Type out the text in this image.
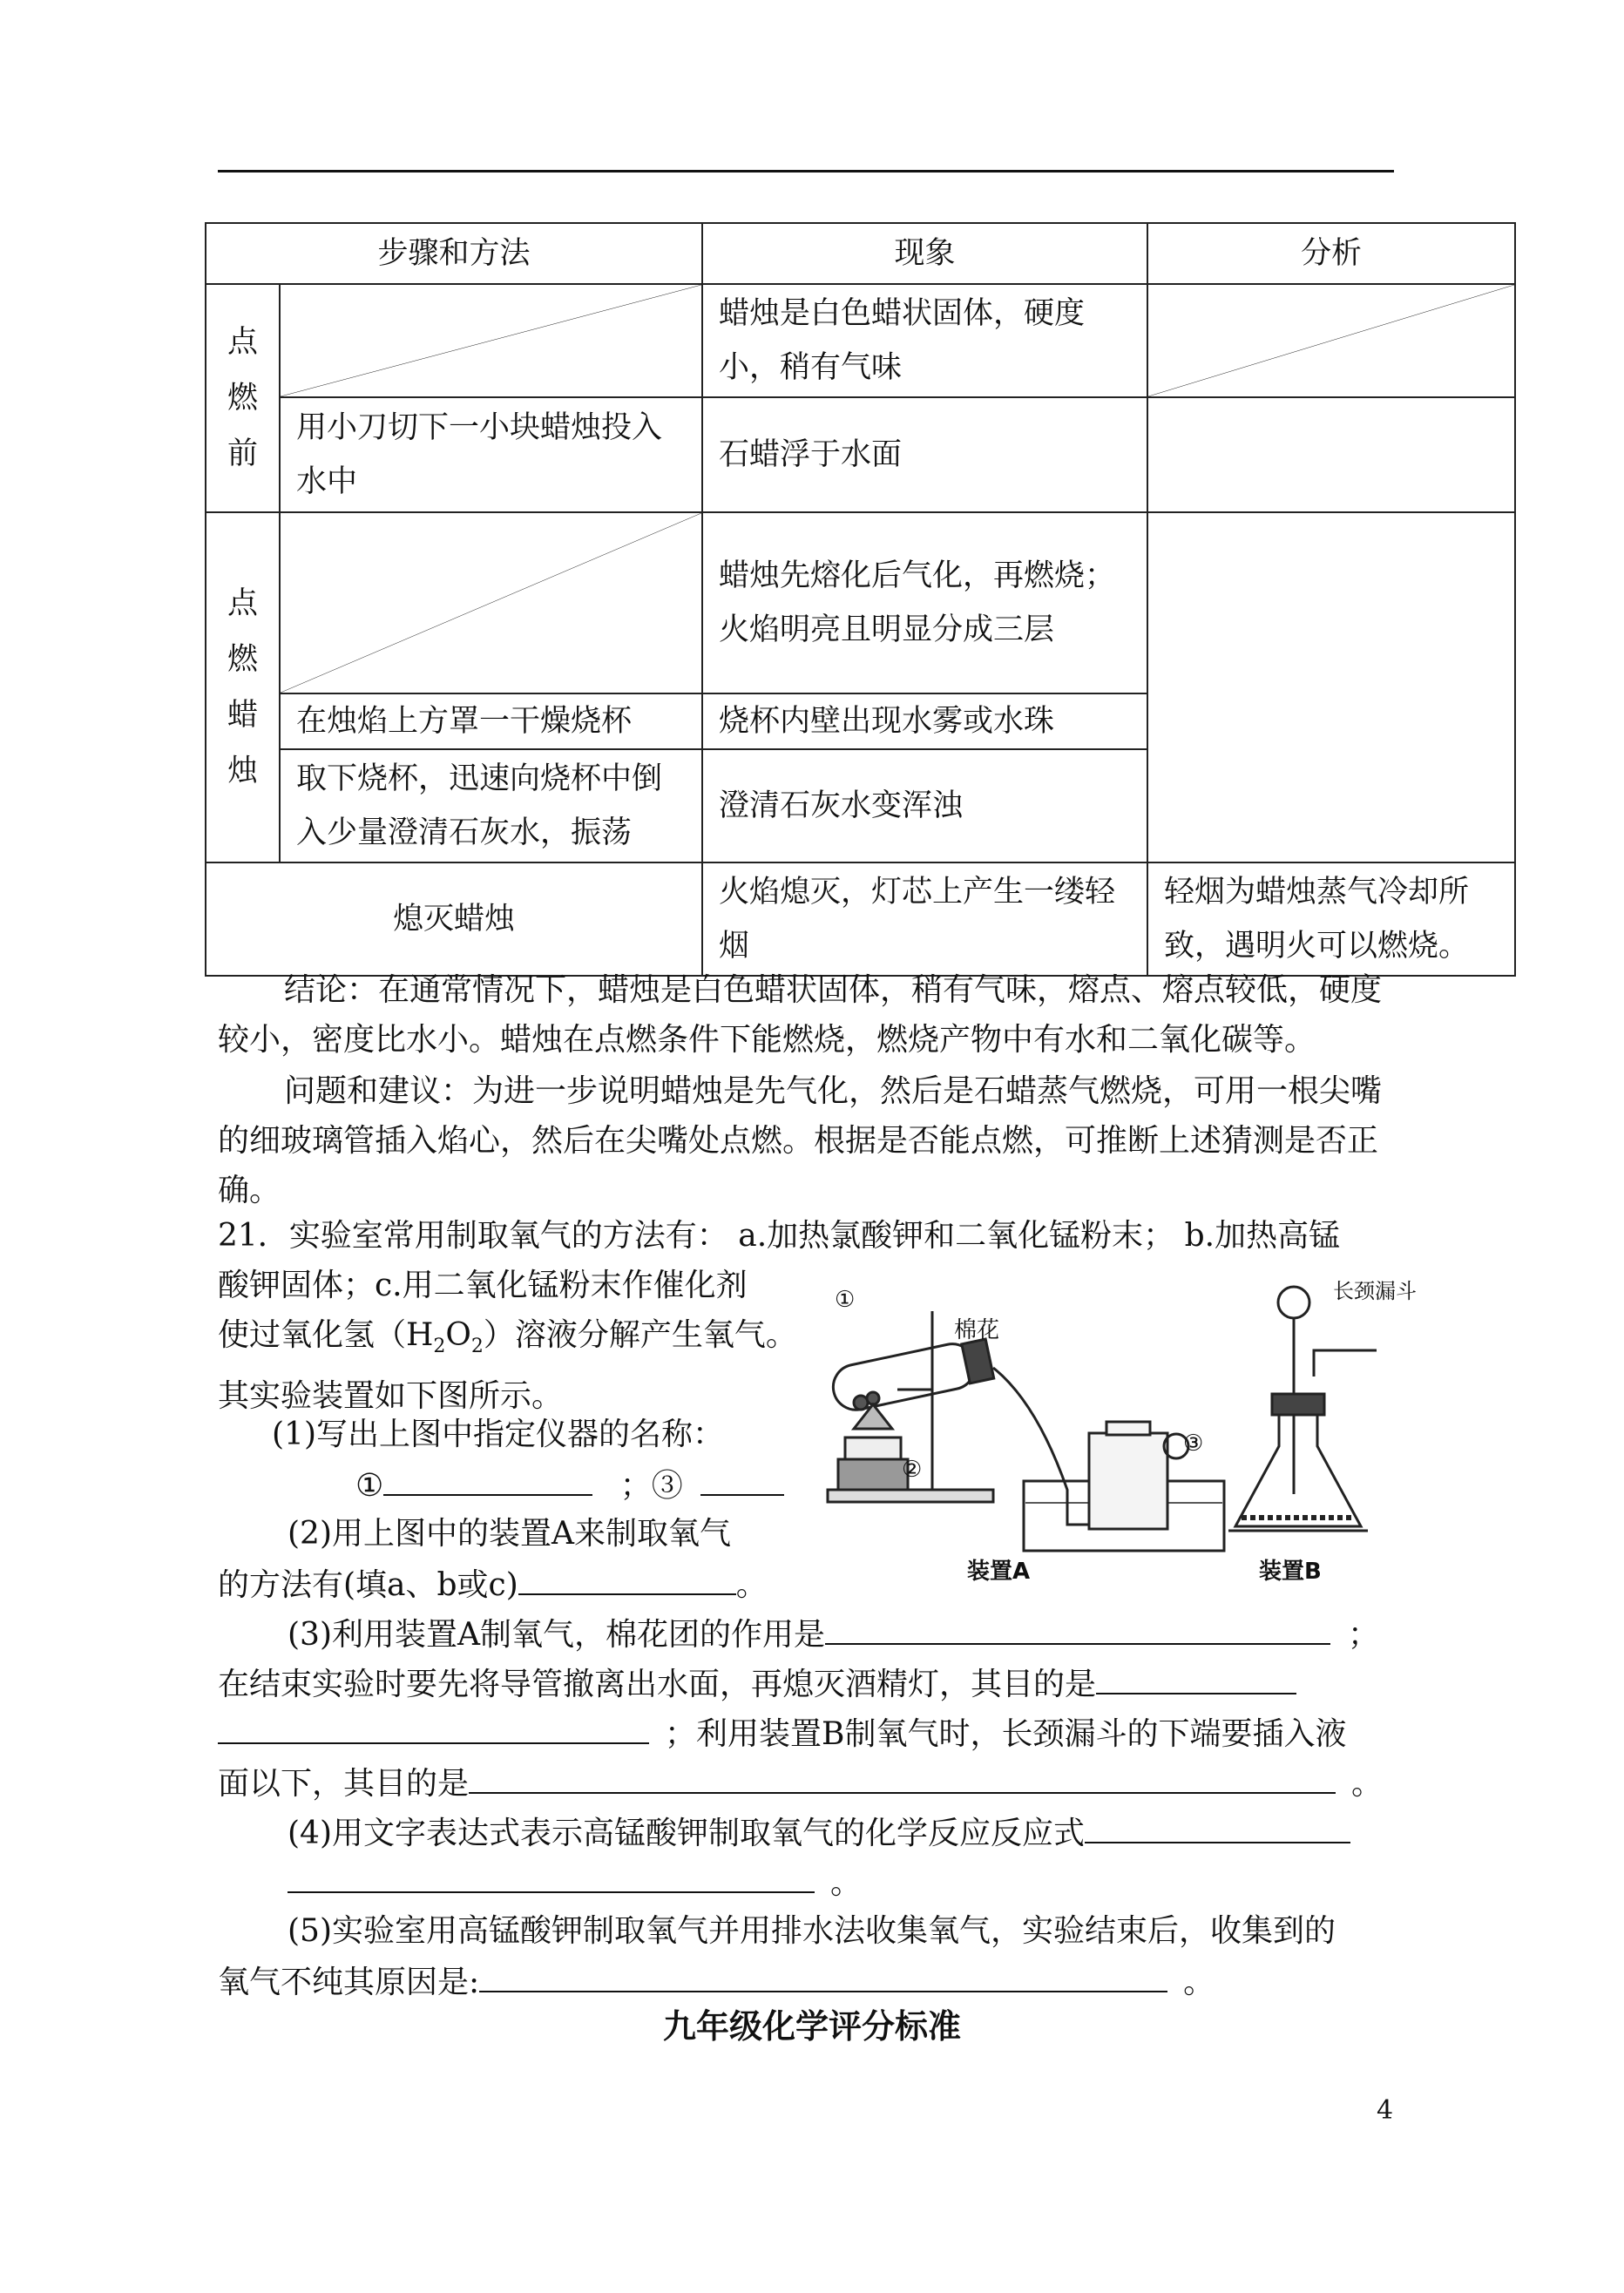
步骤和方法		现象	分析

点燃前		蜡烛是白色蜡状固体，硬度小，稍有气味	

	用小刀切下一小块蜡烛投入水中	石蜡浮于水面	

点燃蜡烛		蜡烛先熔化后气化，再燃烧；
火焰明亮且明显分成三层	

	在烛焰上方罩一干燥烧杯	烧杯内壁出现水雾或水珠	
	取下烧杯，迅速向烧杯中倒入少量澄清石灰水，振荡	澄清石灰水变浑浊	
熄灭蜡烛		火焰熄灭，灯芯上产生一缕轻烟	轻烟为蜡烛蒸气冷却所致，遇明火可以燃烧。
结论：在通常情况下，蜡烛是白色蜡状固体，稍有气味，熔点、熔点较低，硬度较小，密度比水小。蜡烛在点燃条件下能燃烧，燃烧产物中有水和二氧化碳等。
问题和建议：为进一步说明蜡烛是先气化，然后是石蜡蒸气燃烧，可用一根尖嘴的细玻璃管插入焰心，然后在尖嘴处点燃。根据是否能点燃，可推断上述猜测是否正确。
21．实验室常用制取氧气的方法有： a.加热氯酸钾和二氧化锰粉末； b.加热高锰
酸钾固体；c.用二氧化锰粉末作催化剂
使过氧化氢$(H_2O_2)$溶液分解产生氧气。
其实验装置如下图所示。
(1)写出上图中指定仪器的名称：
①	；③
(2)用上图中的装置A来制取氧气
的方法有(填a、b或c)	。
(3)利用装置A制氧气，棉花团的作用是	；
在结束实验时要先将导管撤离出水面，再熄灭酒精灯，其目的是
；利用装置B制氧气时，长颈漏斗的下端要插入液
面以下，其目的是	。
(4)用文字表达式表示高锰酸钾制取氧气的化学反应反应式
。
(5)实验室用高锰酸钾制取氧气并用排水法收集氧气，实验结束后，收集到的
氧气不纯其原因是:	。
①
②
③
棉花
长颈漏斗
装置A	装置B
九年级化学评分标准
4
